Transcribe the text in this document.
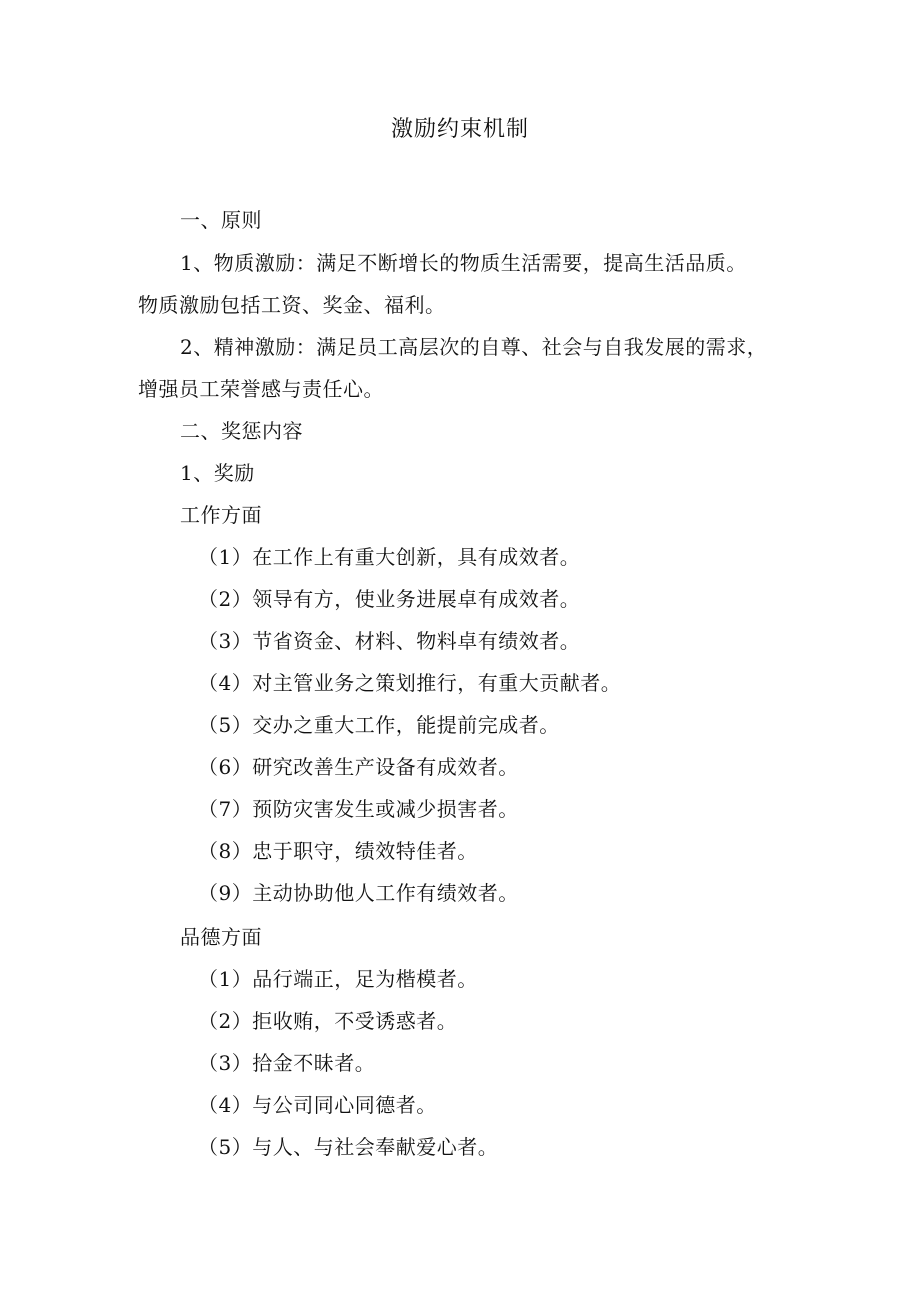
激励约束机制
一、原则
1、物质激励：满足不断增长的物质生活需要，提高生活品质。
物质激励包括工资、奖金、福利。
2、精神激励：满足员工高层次的自尊、社会与自我发展的需求，
增强员工荣誉感与责任心。
二、奖惩内容
1、奖励
工作方面
（1）在工作上有重大创新，具有成效者。
（2）领导有方，使业务进展卓有成效者。
（3）节省资金、材料、物料卓有绩效者。
（4）对主管业务之策划推行，有重大贡献者。
（5）交办之重大工作，能提前完成者。
（6）研究改善生产设备有成效者。
（7）预防灾害发生或减少损害者。
（8）忠于职守，绩效特佳者。
（9）主动协助他人工作有绩效者。
品德方面
（1）品行端正，足为楷模者。
（2）拒收贿，不受诱惑者。
（3）拾金不昧者。
（4）与公司同心同德者。
（5）与人、与社会奉献爱心者。
